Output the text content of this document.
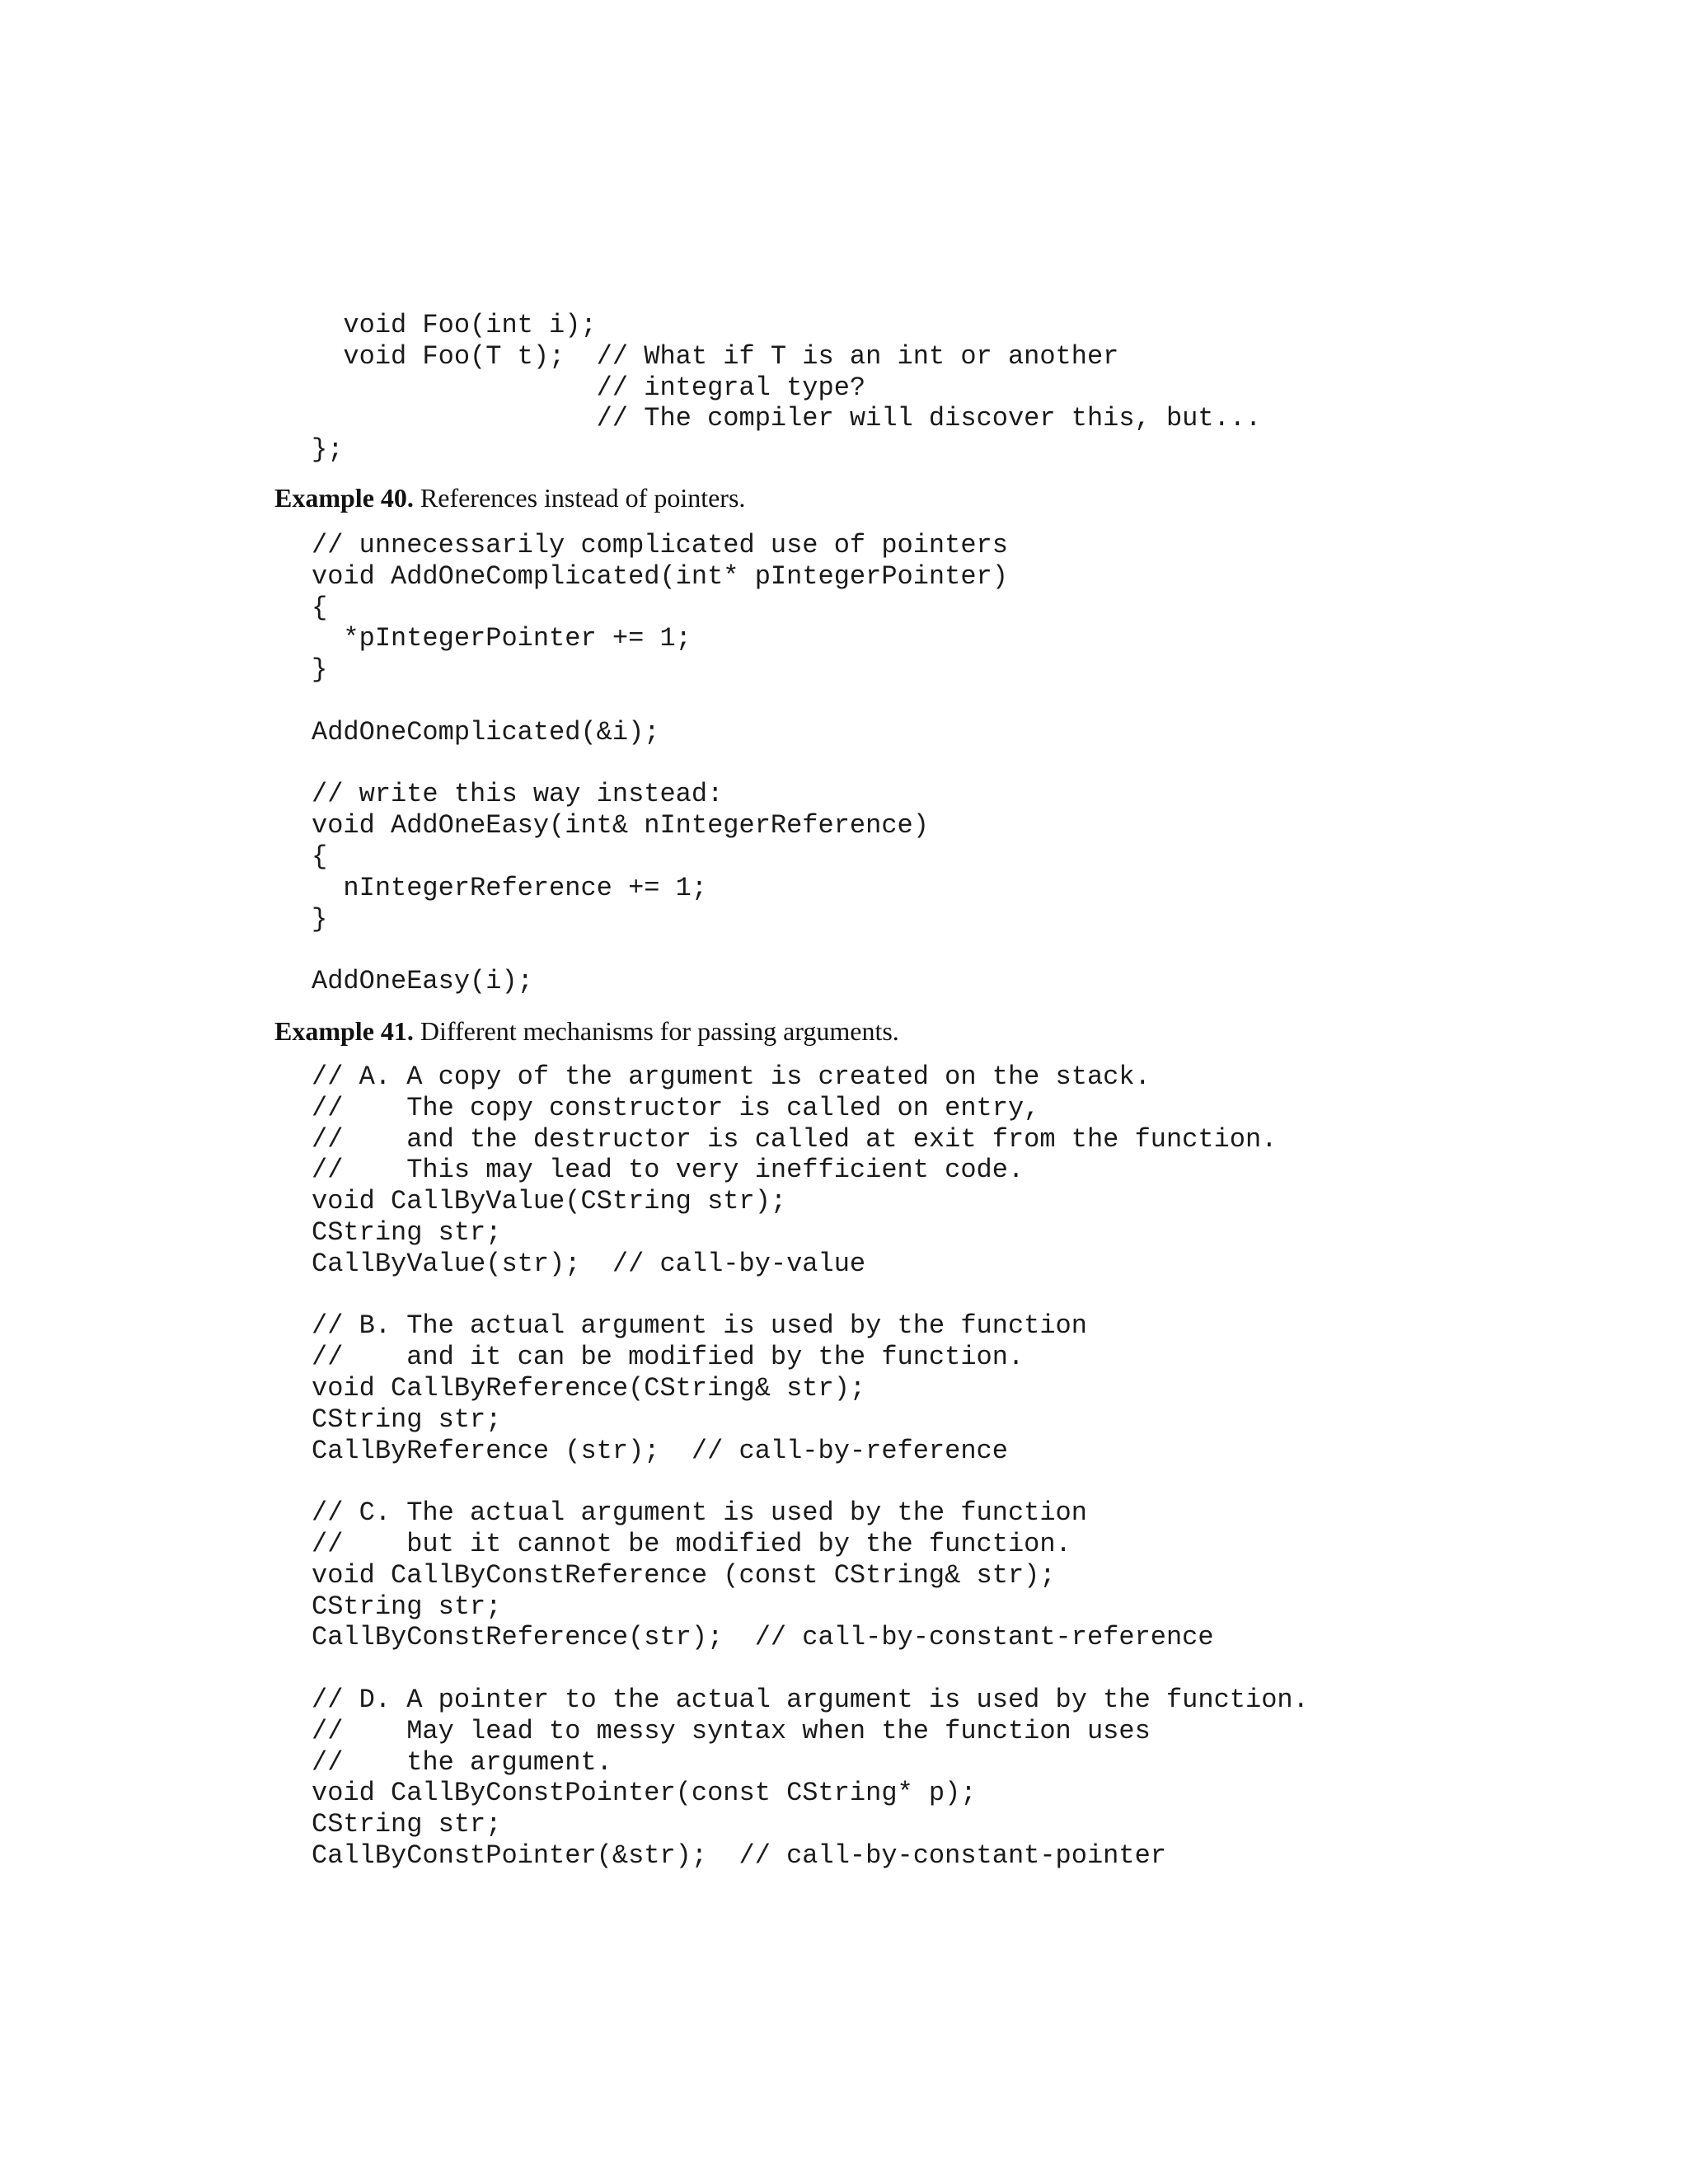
void Foo(int i);
void Foo(T t);  // What if T is an int or another
// integral type?
// The compiler will discover this, but...
};

Example 40. References instead of pointers.

// unnecessarily complicated use of pointers
void AddOneComplicated(int* pIntegerPointer)
{
*pIntegerPointer += 1;
}
AddOneComplicated(&i);
// write this way instead:
void AddOneEasy(int& nIntegerReference)
{
nIntegerReference += 1;
}
AddOneEasy(i);

Example 41. Different mechanisms for passing arguments.

// A. A copy of the argument is created on the stack.
//    The copy constructor is called on entry,
//    and the destructor is called at exit from the function.
//    This may lead to very inefficient code.
void CallByValue(CString str);
CString str;
CallByValue(str);  // call-by-value
// B. The actual argument is used by the function
//    and it can be modified by the function.
void CallByReference(CString& str);
CString str;
CallByReference (str);  // call-by-reference
// C. The actual argument is used by the function
//    but it cannot be modified by the function.
void CallByConstReference (const CString& str);
CString str;
CallByConstReference(str);  // call-by-constant-reference
// D. A pointer to the actual argument is used by the function.
//    May lead to messy syntax when the function uses
//    the argument.
void CallByConstPointer(const CString* p);
CString str;
CallByConstPointer(&str);  // call-by-constant-pointer
